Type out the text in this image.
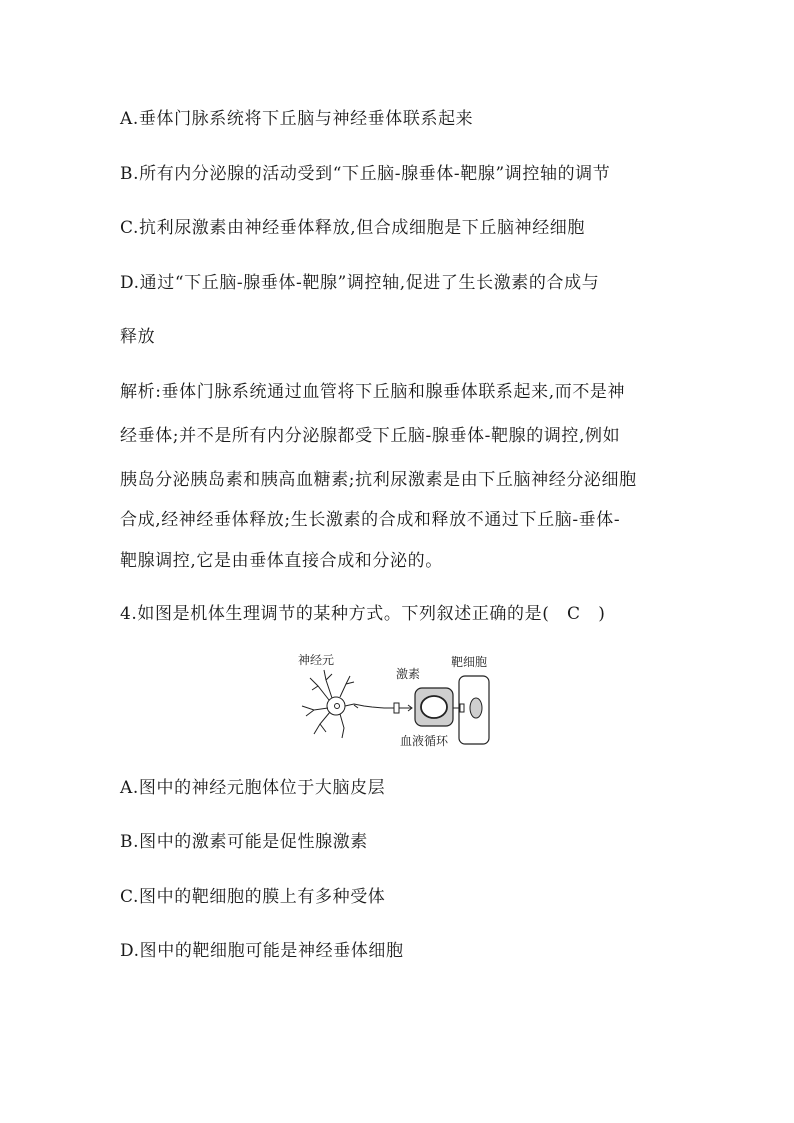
A.垂体门脉系统将下丘脑与神经垂体联系起来
B.所有内分泌腺的活动受到“下丘脑-腺垂体-靶腺”调控轴的调节
C.抗利尿激素由神经垂体释放,但合成细胞是下丘脑神经细胞
D.通过“下丘脑-腺垂体-靶腺”调控轴,促进了生长激素的合成与
释放
解析:垂体门脉系统通过血管将下丘脑和腺垂体联系起来,而不是神
经垂体;并不是所有内分泌腺都受下丘脑-腺垂体-靶腺的调控,例如
胰岛分泌胰岛素和胰高血糖素;抗利尿激素是由下丘脑神经分泌细胞
合成,经神经垂体释放;生长激素的合成和释放不通过下丘脑-垂体-
靶腺调控,它是由垂体直接合成和分泌的。
4.如图是机体生理调节的某种方式。下列叙述正确的是(　C　)
神经元
激素
靶细胞
血液循环
A.图中的神经元胞体位于大脑皮层
B.图中的激素可能是促性腺激素
C.图中的靶细胞的膜上有多种受体
D.图中的靶细胞可能是神经垂体细胞
